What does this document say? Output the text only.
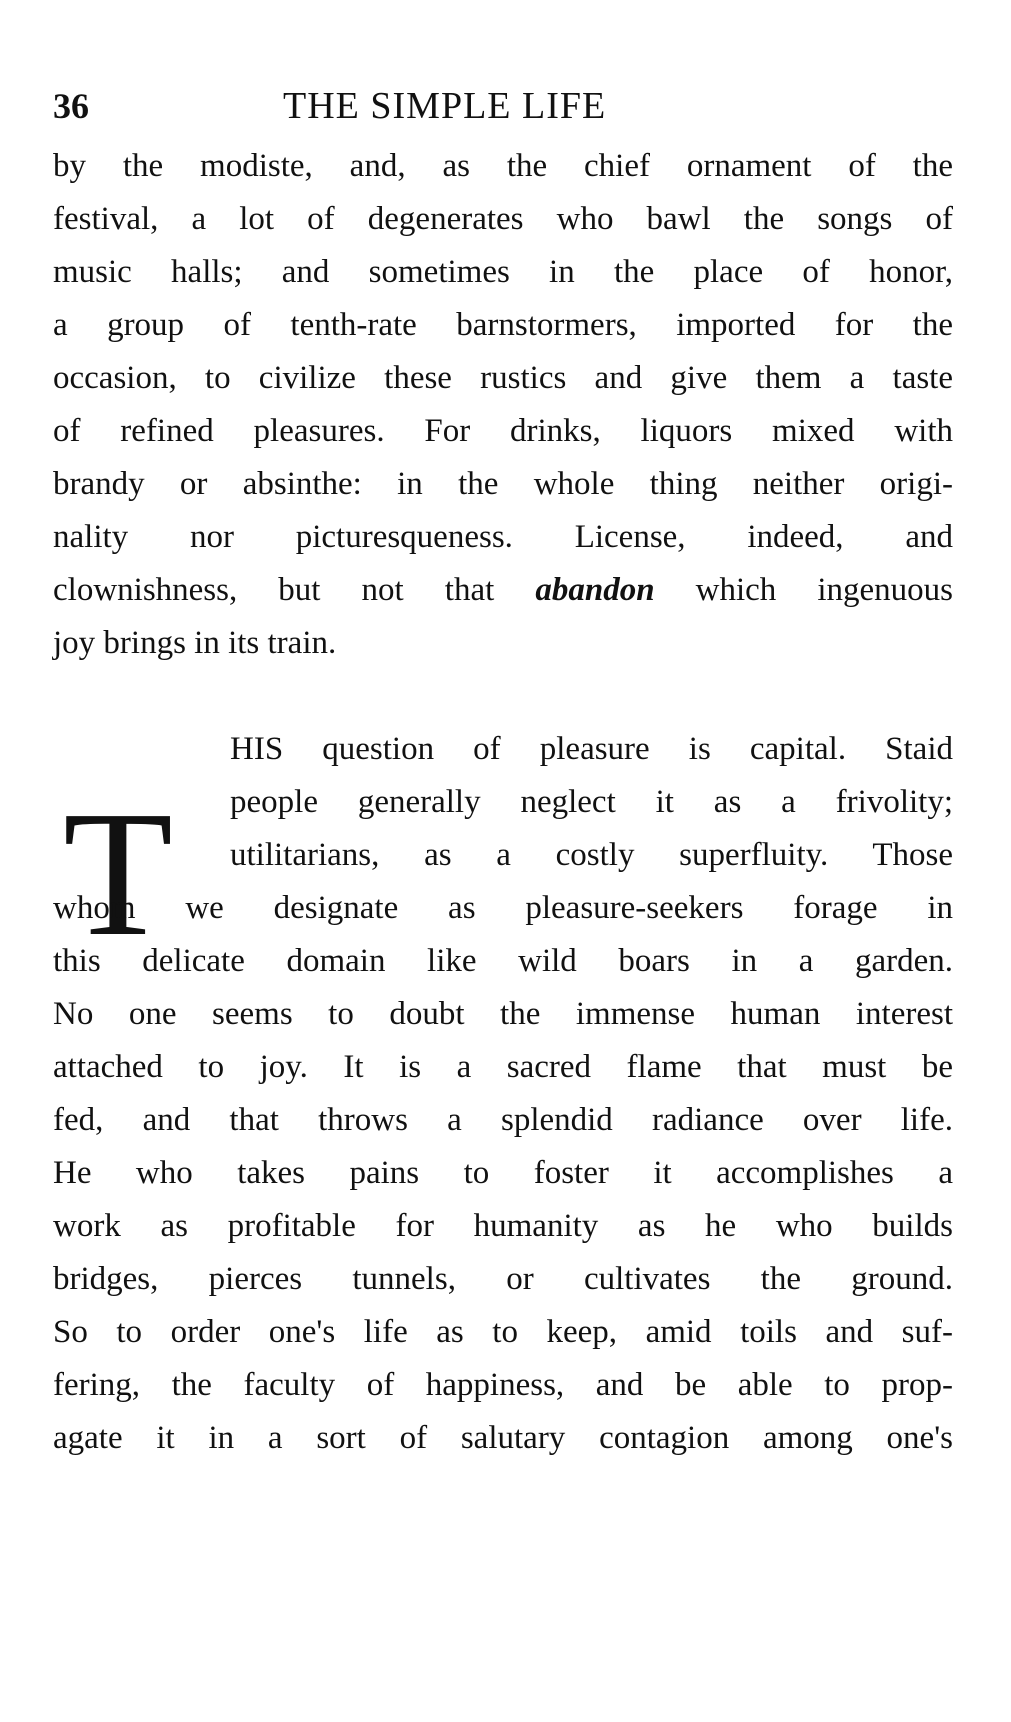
36	THE SIMPLE LIFE
by the modiste, and, as the chief ornament of the
festival, a lot of degenerates who bawl the songs of
music halls; and sometimes in the place of honor,
a group of tenth-rate barnstormers, imported for the
occasion, to civilize these rustics and give them a taste
of refined pleasures. For drinks, liquors mixed with
brandy or absinthe: in the whole thing neither origi-
nality nor picturesqueness. License, indeed, and
clownishness, but not that abandon which ingenuous
joy brings in its train.
T
HIS question of pleasure is capital. Staid
people generally neglect it as a frivolity;
utilitarians, as a costly superfluity. Those
whom we designate as pleasure-seekers forage in
this delicate domain like wild boars in a garden.
No one seems to doubt the immense human interest
attached to joy. It is a sacred flame that must be
fed, and that throws a splendid radiance over life.
He who takes pains to foster it accomplishes a
work as profitable for humanity as he who builds
bridges, pierces tunnels, or cultivates the ground.
So to order one's life as to keep, amid toils and suf-
fering, the faculty of happiness, and be able to prop-
agate it in a sort of salutary contagion among one's
